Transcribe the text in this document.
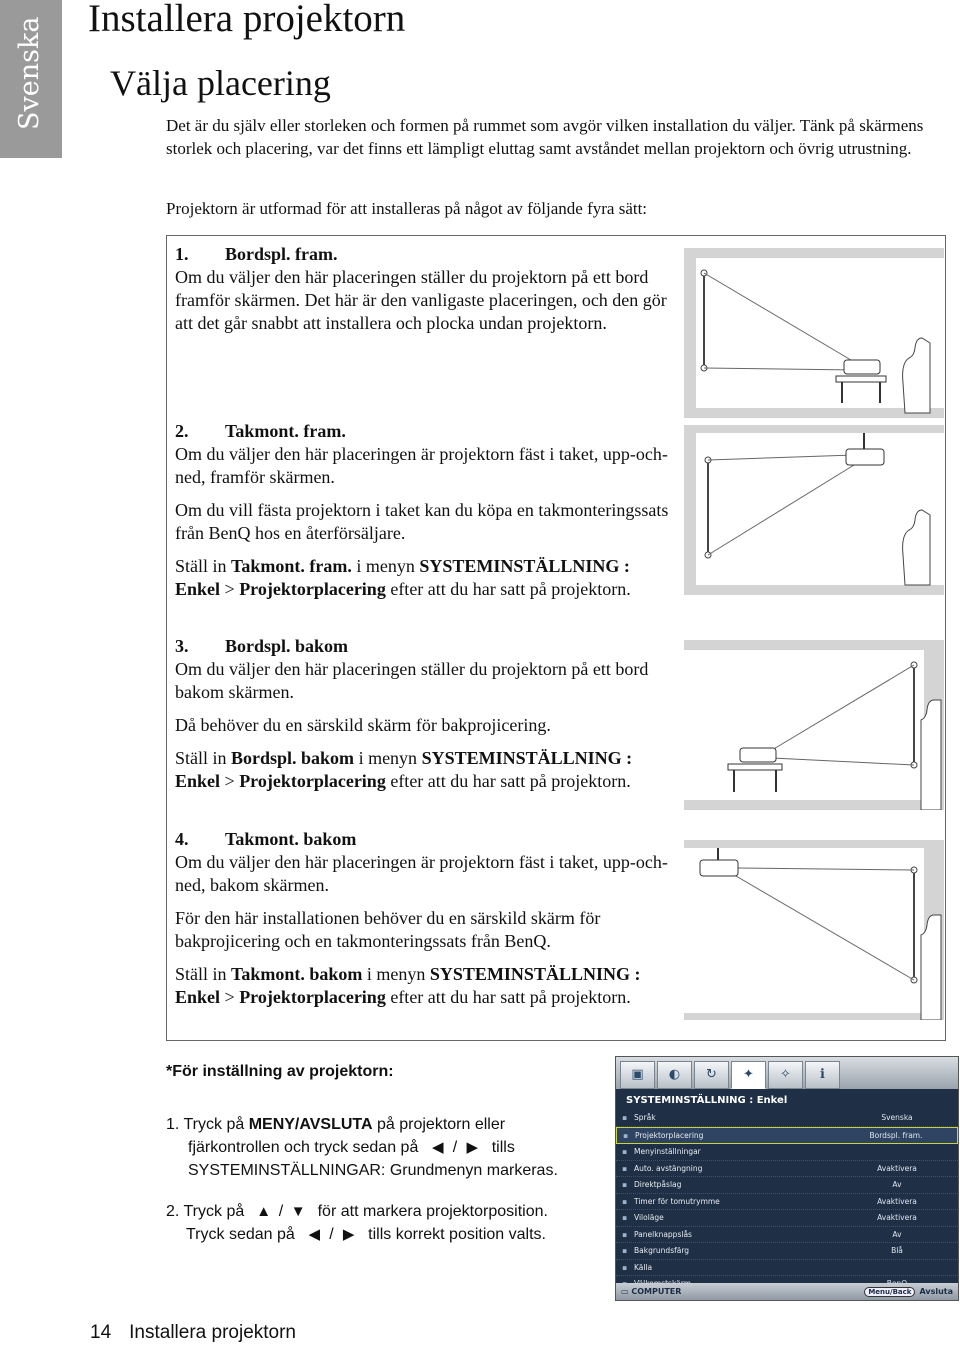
Svenska Installera projektorn
Välja placering

Det är du själv eller storleken och formen på rummet som avgör vilken installation du väljer. Tänk på skärmens storlek och placering, var det finns ett lämpligt eluttag samt avståndet mellan projektorn och övrig utrustning.

Projektorn är utformad för att installeras på något av följande fyra sätt:

1. Bordspl. fram.

Om du väljer den här placeringen ställer du projektorn på ett bord framför skärmen. Det här är den vanligaste placeringen, och den gör att det går snabbt att installera och plocka undan projektorn.

2. Takmont. fram.

Om du väljer den här placeringen är projektorn fäst i taket, upp-och-ned, framför skärmen.

Om du vill fästa projektorn i taket kan du köpa en takmonteringssats från BenQ hos en återförsäljare.

Ställ in Takmont. fram. i menyn SYSTEMINSTÄLLNING : Enkel > Projektorplacering efter att du har satt på projektorn.

3. Bordspl. bakom

Om du väljer den här placeringen ställer du projektorn på ett bord bakom skärmen.

Då behöver du en särskild skärm för bakprojicering.

Ställ in Bordspl. bakom i menyn SYSTEMINSTÄLLNING : Enkel > Projektorplacering efter att du har satt på projektorn.

4. Takmont. bakom

Om du väljer den här placeringen är projektorn fäst i taket, upp-och-ned, bakom skärmen.

För den här installationen behöver du en särskild skärm för bakprojicering och en takmonteringssats från BenQ.

Ställ in Takmont. bakom i menyn SYSTEMINSTÄLLNING : Enkel > Projektorplacering efter att du har satt på projektorn.

*För inställning av projektorn:
1. Tryck på MENY/AVSLUTA på projektorn eller
fjärkontrollen och tryck sedan på ◀ / ▶ tills
SYSTEMINSTÄLLNINGAR: Grundmenyn markeras.
2. Tryck på ▲ / ▼ för att markera projektorposition.
Tryck sedan på ◀ / ▶ tills korrekt position valts.
▣	◐	↻	✦	✧	ℹ
SYSTEMINSTÄLLNING : Enkel
▪ Språk	Svenska
▪ Projektorplacering	Bordspl. fram.
▪ Menyinställningar
▪ Auto. avstängning	Avaktivera
▪ Direktpåslag	Av
▪ Timer för tomutrymme	Avaktivera
▪ Viloläge	Avaktivera
▪ Panelknappslås	Av
▪ Bakgrundsfärg	Blå
▪ Källa
▭ COMPUTER	Menu/Back	Avsluta
14 Installera projektorn
